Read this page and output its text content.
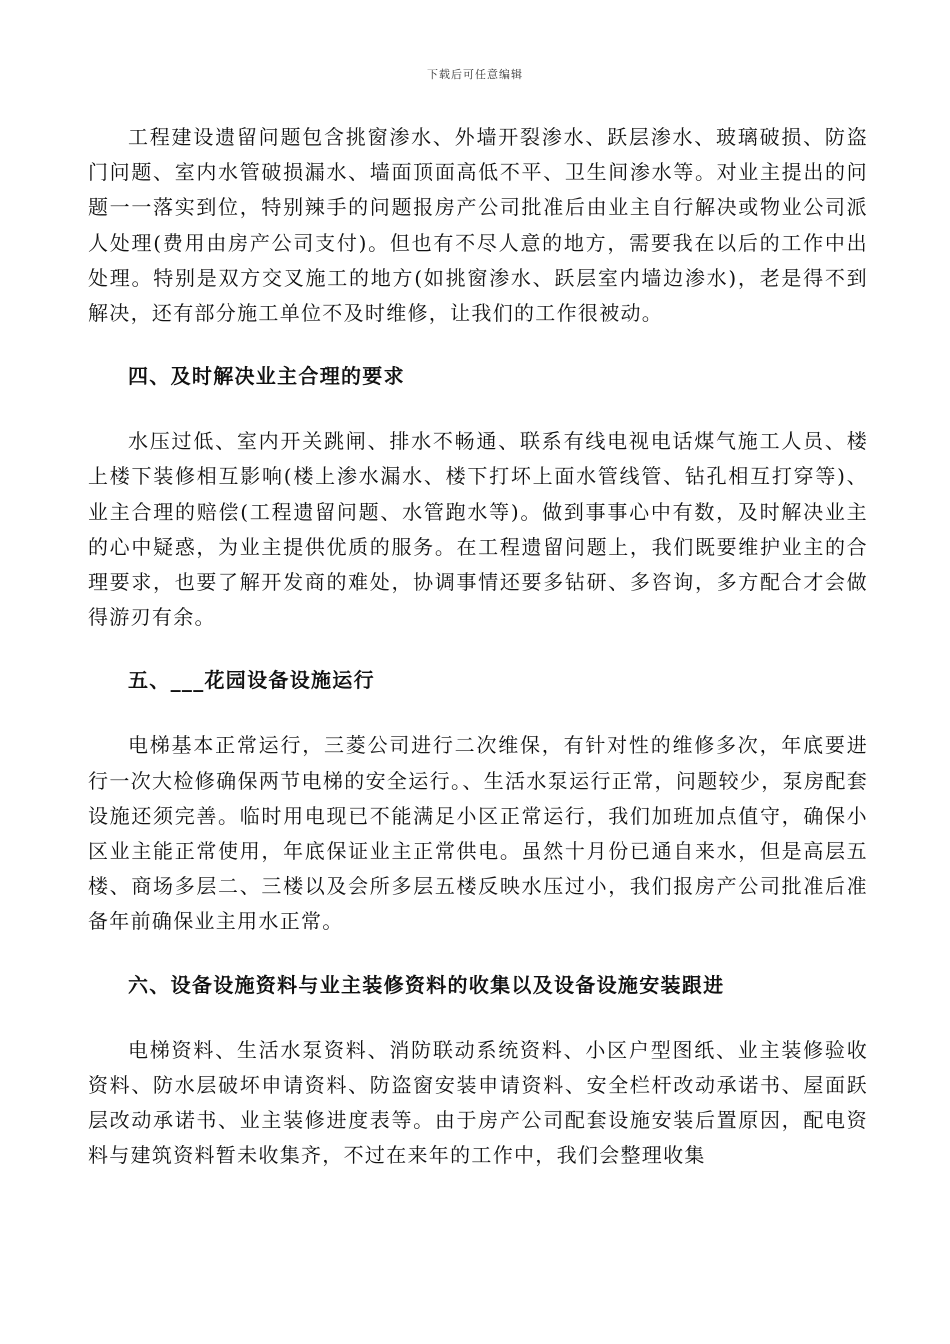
下载后可任意编辑

工程建设遗留问题包含挑窗渗水、外墙开裂渗水、跃层渗水、玻璃破损、防盗门问题、室内水管破损漏水、墙面顶面高低不平、卫生间渗水等。对业主提出的问题一一落实到位，特别辣手的问题报房产公司批准后由业主自行解决或物业公司派人处理(费用由房产公司支付)。但也有不尽人意的地方，需要我在以后的工作中出处理。特别是双方交叉施工的地方(如挑窗渗水、跃层室内墙边渗水)，老是得不到解决，还有部分施工单位不及时维修，让我们的工作很被动。

四、及时解决业主合理的要求

水压过低、室内开关跳闸、排水不畅通、联系有线电视电话煤气施工人员、楼上楼下装修相互影响(楼上渗水漏水、楼下打坏上面水管线管、钻孔相互打穿等)、业主合理的赔偿(工程遗留问题、水管跑水等)。做到事事心中有数，及时解决业主的心中疑惑，为业主提供优质的服务。在工程遗留问题上，我们既要维护业主的合理要求，也要了解开发商的难处，协调事情还要多钻研、多咨询，多方配合才会做得游刃有余。

五、___花园设备设施运行

电梯基本正常运行，三菱公司进行二次维保，有针对性的维修多次，年底要进行一次大检修确保两节电梯的安全运行。、生活水泵运行正常，问题较少，泵房配套设施还须完善。临时用电现已不能满足小区正常运行，我们加班加点值守，确保小区业主能正常使用，年底保证业主正常供电。虽然十月份已通自来水，但是高层五楼、商场多层二、三楼以及会所多层五楼反映水压过小，我们报房产公司批准后准备年前确保业主用水正常。

六、设备设施资料与业主装修资料的收集以及设备设施安装跟进

电梯资料、生活水泵资料、消防联动系统资料、小区户型图纸、业主装修验收资料、防水层破坏申请资料、防盗窗安装申请资料、安全栏杆改动承诺书、屋面跃层改动承诺书、业主装修进度表等。由于房产公司配套设施安装后置原因，配电资料与建筑资料暂未收集齐，不过在来年的工作中，我们会整理收集
